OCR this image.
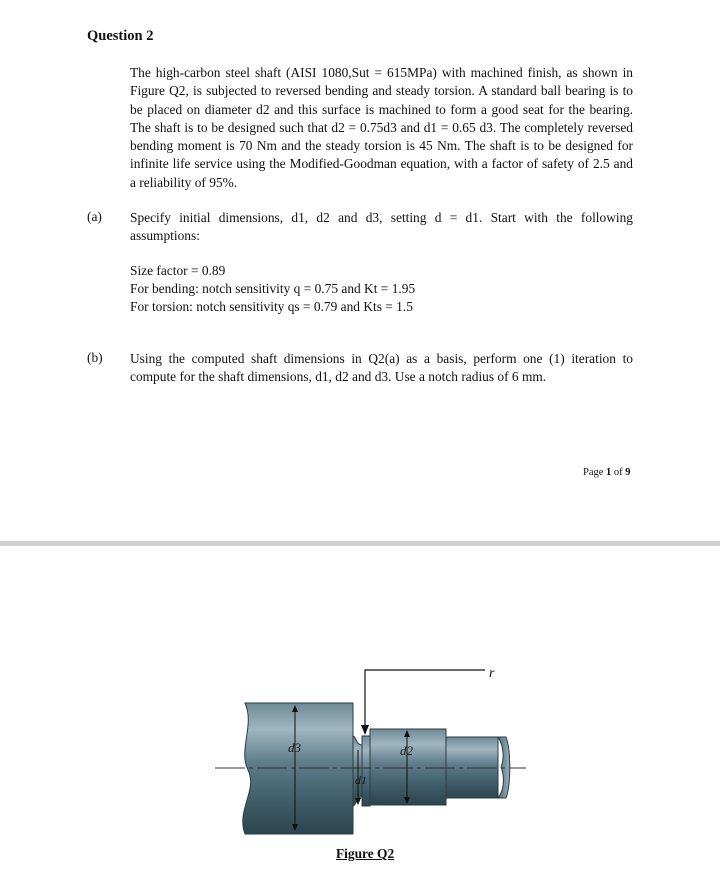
Question 2
The high-carbon steel shaft (AISI 1080,Sut = 615MPa) with machined finish, as shown in Figure Q2, is subjected to reversed bending and steady torsion. A standard ball bearing is to be placed on diameter d2 and this surface is machined to form a good seat for the bearing. The shaft is to be designed such that d2 = 0.75d3 and d1 = 0.65 d3. The completely reversed bending moment is 70 Nm and the steady torsion is 45 Nm. The shaft is to be designed for infinite life service using the Modified-Goodman equation, with a factor of safety of 2.5 and a reliability of 95%.
(a) Specify initial dimensions, d1, d2 and d3, setting d = d1. Start with the following assumptions:
Size factor = 0.89
For bending: notch sensitivity q = 0.75 and Kt = 1.95
For torsion: notch sensitivity qs = 0.79 and Kts = 1.5
(b) Using the computed shaft dimensions in Q2(a) as a basis, perform one (1) iteration to compute for the shaft dimensions, d1, d2 and d3. Use a notch radius of 6 mm.
Page 1 of 9
d3	d2
d1
r
Figure Q2
